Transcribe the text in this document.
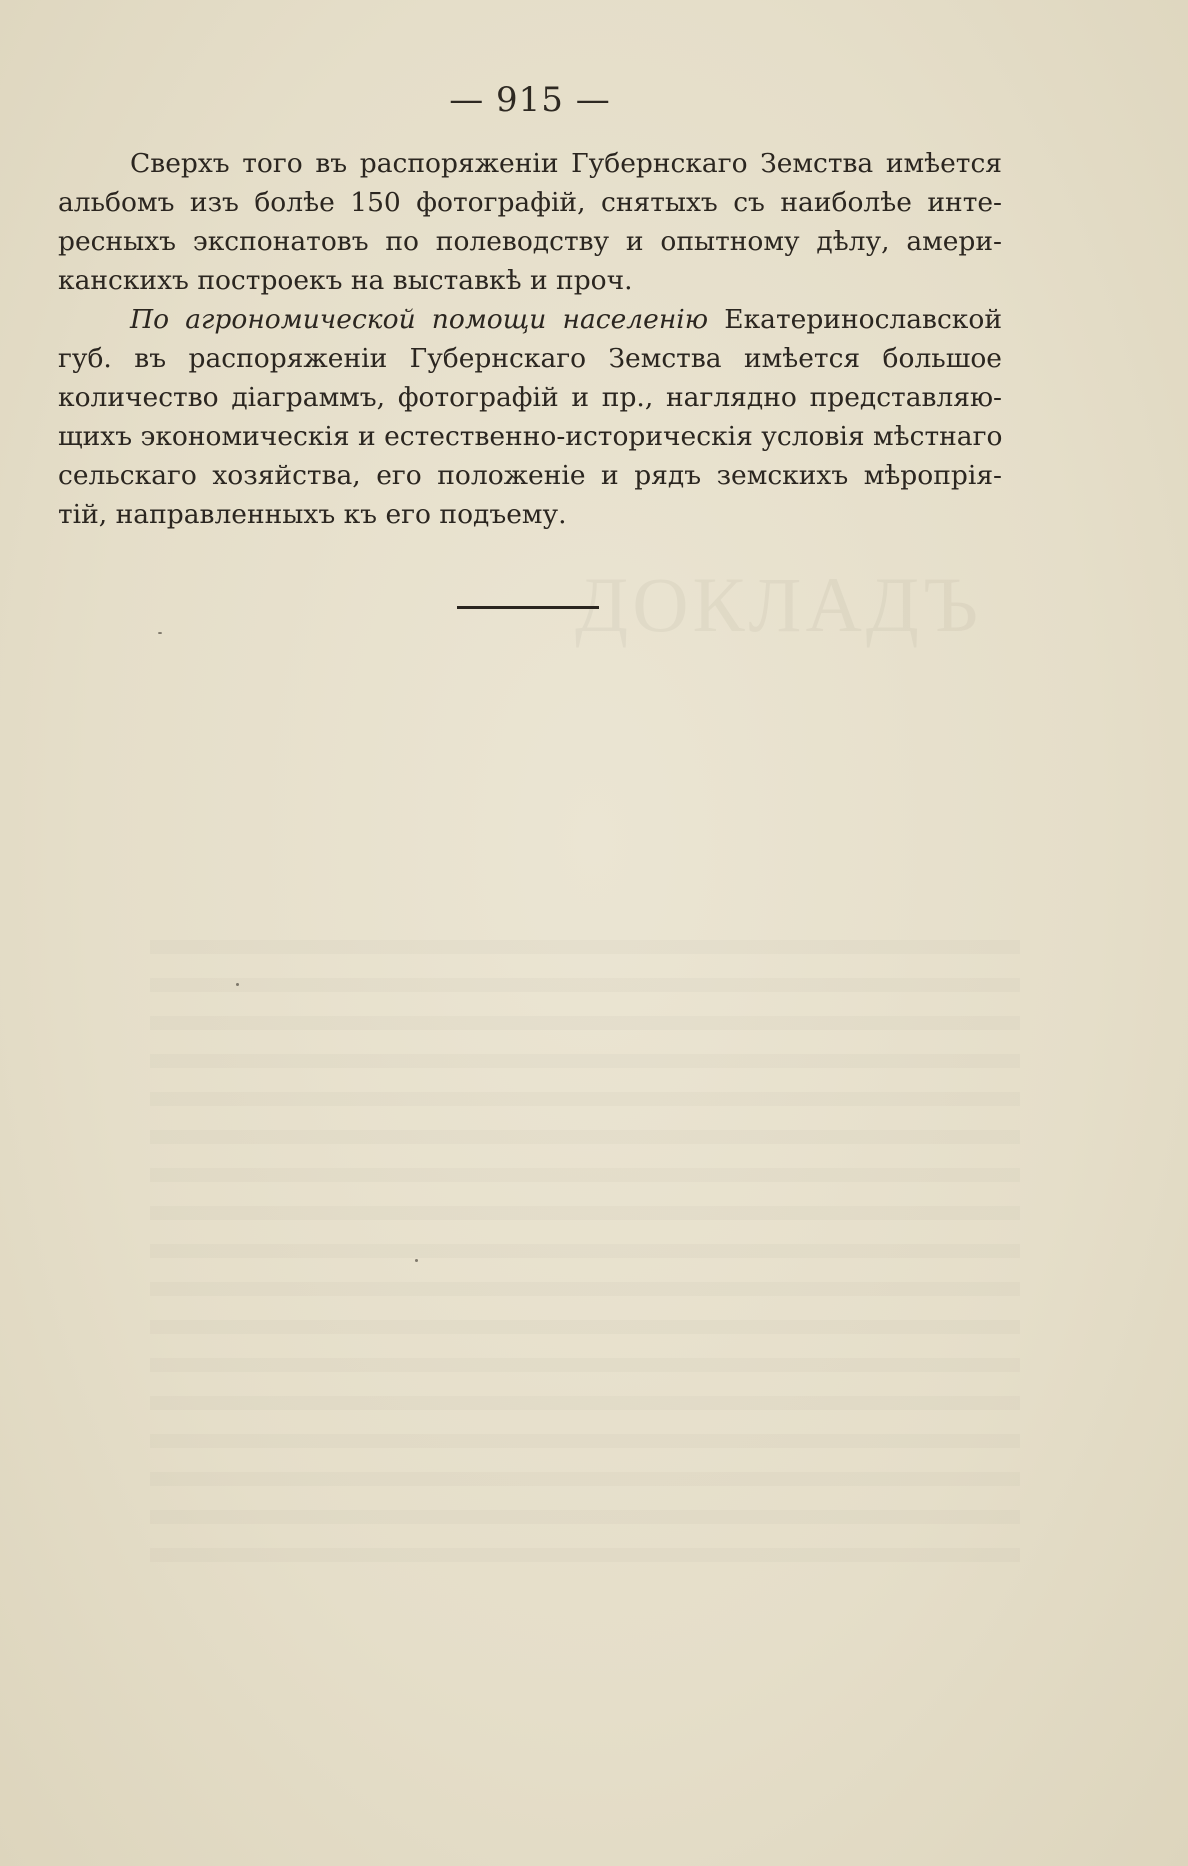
— 915 —
Сверхъ того въ распоряженiи Губернскаго Земства имѣется
альбомъ изъ болѣе 150 фотографій, снятыхъ съ наиболѣе инте-
ресныхъ экспонатовъ по полеводству и опытному дѣлу, амери-
канскихъ построекъ на выставкѣ и проч.
По агрономической помощи населенiю Екатеринославской
губ. въ распоряженiи Губернскаго Земства имѣется большое
количество дiаграммъ, фотографій и пр., наглядно представляю-
щихъ экономическiя и естественно-историческiя условiя мѣстнаго
сельскаго хозяйства, его положенiе и рядъ земскихъ мѣропрiя-
тій, направленныхъ къ его подъему.
